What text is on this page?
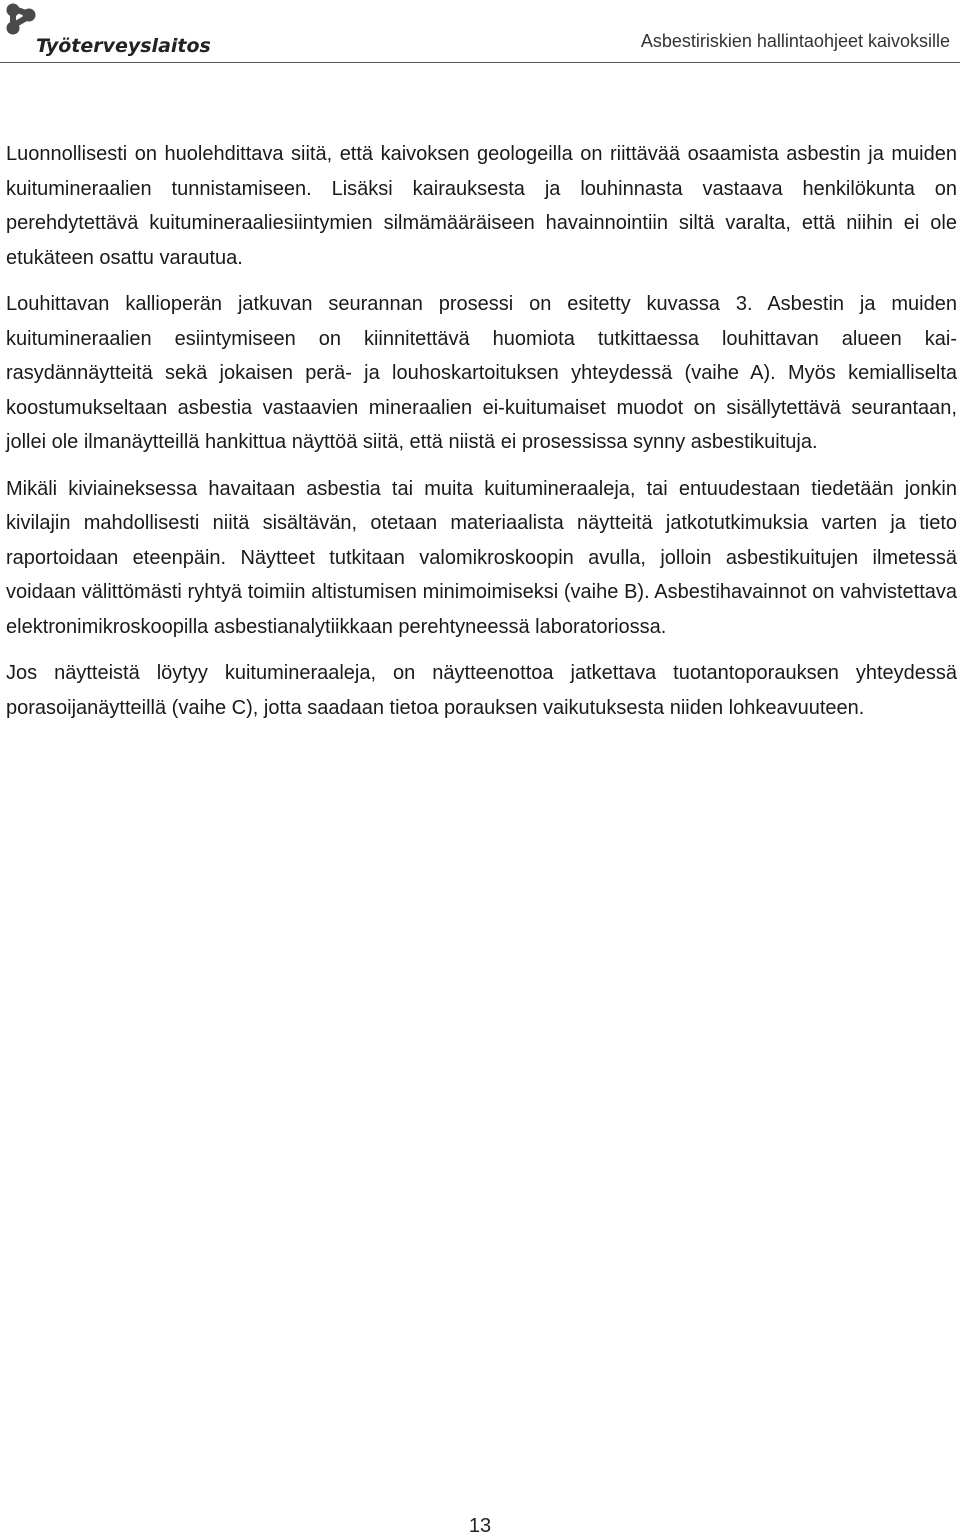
Työterveyslaitos	Asbestiriskien hallintaohjeet kaivoksille

Luonnollisesti on huolehdittava siitä, että kaivoksen geologeilla on riittävää osaamista asbestin ja muiden kuitumineraalien tunnistamiseen. Lisäksi kairauksesta ja louhinnasta vastaava henkilökunta on perehdytettävä kuitumineraaliesiintymien silmämääräiseen havainnointiin siltä varalta, että niihin ei ole etukäteen osattu varautua.

Louhittavan kallioperän jatkuvan seurannan prosessi on esitetty kuvassa 3. Asbestin ja muiden kuitumineraalien esiintymiseen on kiinnitettävä huomiota tutkittaessa louhittavan alueen kairasydännäytteitä sekä jokaisen perä- ja louhoskartoituksen yhteydessä (vaihe A). Myös kemialliselta koostumukseltaan asbestia vastaavien mineraalien ei-kuitumaiset muodot on sisällytettävä seurantaan, jollei ole ilmanäytteillä hankittua näyttöä siitä, että niistä ei prosessissa synny asbestikuituja.

Mikäli kiviaineksessa havaitaan asbestia tai muita kuitumineraaleja, tai entuudestaan tiedetään jonkin kivilajin mahdollisesti niitä sisältävän, otetaan materiaalista näytteitä jatkotutkimuksia varten ja tieto raportoidaan eteenpäin. Näytteet tutkitaan valomikroskoopin avulla, jolloin asbestikuitujen ilmetessä voidaan välittömästi ryhtyä toimiin altistumisen minimoimiseksi (vaihe B). Asbestihavainnot on vahvistettava elektronimikroskoopilla asbestianalytiikkaan perehtyneessä laboratoriossa.

Jos näytteistä löytyy kuitumineraaleja, on näytteenottoa jatkettava tuotantoporauksen yhteydessä porasoijanäytteillä (vaihe C), jotta saadaan tietoa porauksen vaikutuksesta niiden lohkeavuuteen.

13
